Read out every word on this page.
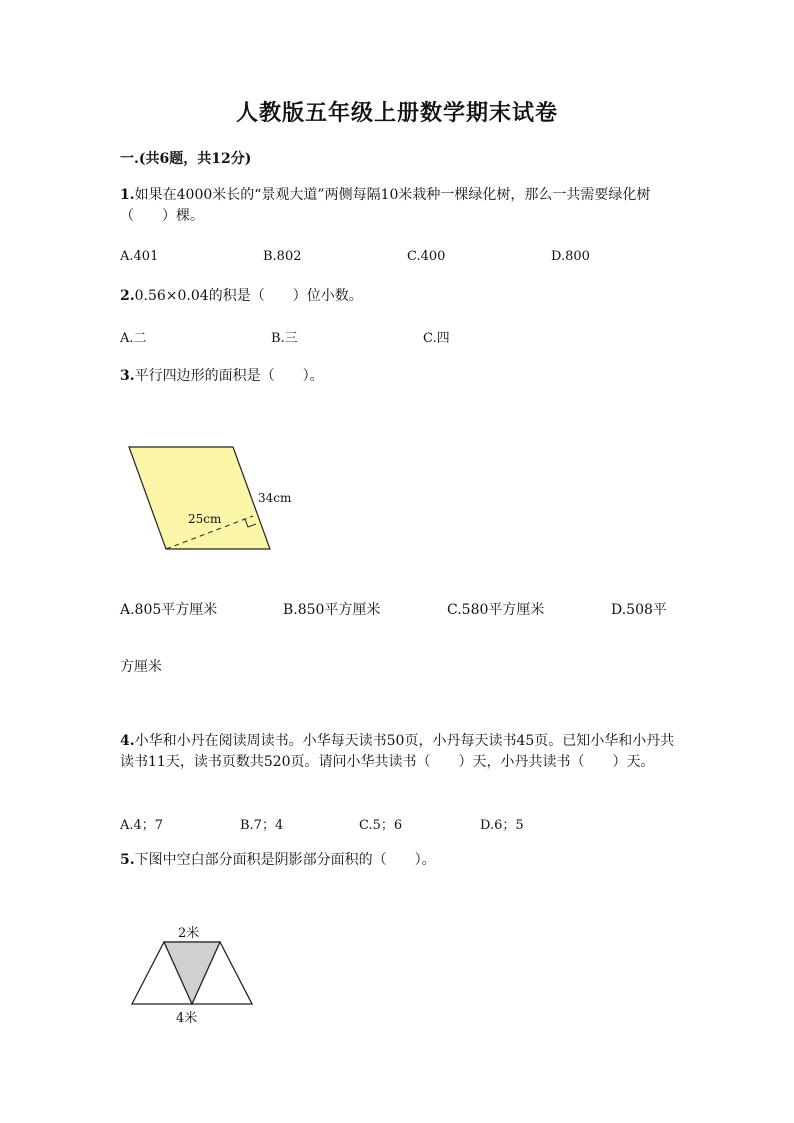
人教版五年级上册数学期末试卷
一.(共6题，共12分)
1.如果在4000米长的“景观大道”两侧每隔10米栽种一棵绿化树，那么一共需要绿化树（　　）棵。
A.401	B.802	C.400	D.800
2.0.56×0.04的积是（　　）位小数。
A.二	B.三	C.四
3.平行四边形的面积是（　　）。
25cm
34cm
A.805平方厘米	B.850平方厘米	C.580平方厘米	D.508平
方厘米
4.小华和小丹在阅读周读书。小华每天读书50页，小丹每天读书45页。已知小华和小丹共读书11天，读书页数共520页。请问小华共读书（　　）天，小丹共读书（　　）天。
A.4；7	B.7；4	C.5；6	D.6；5
5.下图中空白部分面积是阴影部分面积的（　　）。
2米
4米
